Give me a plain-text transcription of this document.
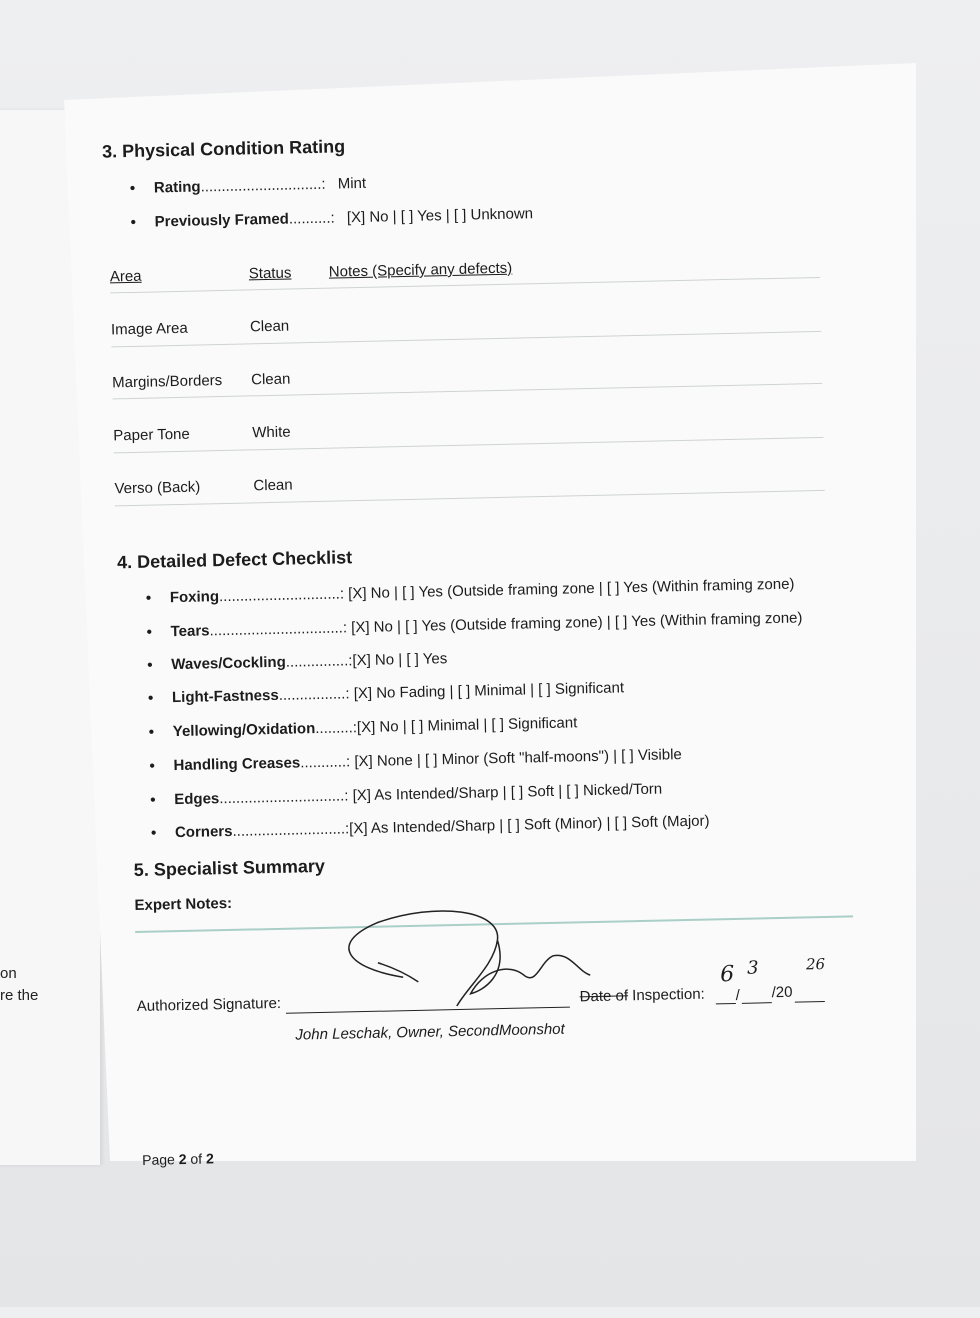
on
re the
3. Physical Condition Rating
• Rating.............................: Mint
• Previously Framed..........: [X] No | [ ] Yes | [ ] Unknown
Area	Status Notes (Specify any defects)
Image Area	Clean
Margins/Borders Clean
Paper Tone	White
Verso (Back)	Clean
4. Detailed Defect Checklist
• Foxing.............................: [X] No | [ ] Yes (Outside framing zone | [ ] Yes (Within framing zone)
• Tears................................: [X] No | [ ] Yes (Outside framing zone) | [ ] Yes (Within framing zone)
• Waves/Cockling...............:[X] No | [ ] Yes
• Light-Fastness................: [X] No Fading | [ ] Minimal | [ ] Significant
• Yellowing/Oxidation.........:[X] No | [ ] Minimal | [ ] Significant
• Handling Creases...........: [X] None | [ ] Minor (Soft "half-moons") | [ ] Visible
• Edges..............................: [X] As Intended/Sharp | [ ] Soft | [ ] Nicked/Torn
• Corners...........................:[X] As Intended/Sharp | [ ] Soft (Minor) | [ ] Soft (Major)
5. Specialist Summary
Expert Notes:
Authorized Signature:	Date of Inspection: / /20
6 3	26
John Leschak, Owner, SecondMoonshot
Page 2 of 2
